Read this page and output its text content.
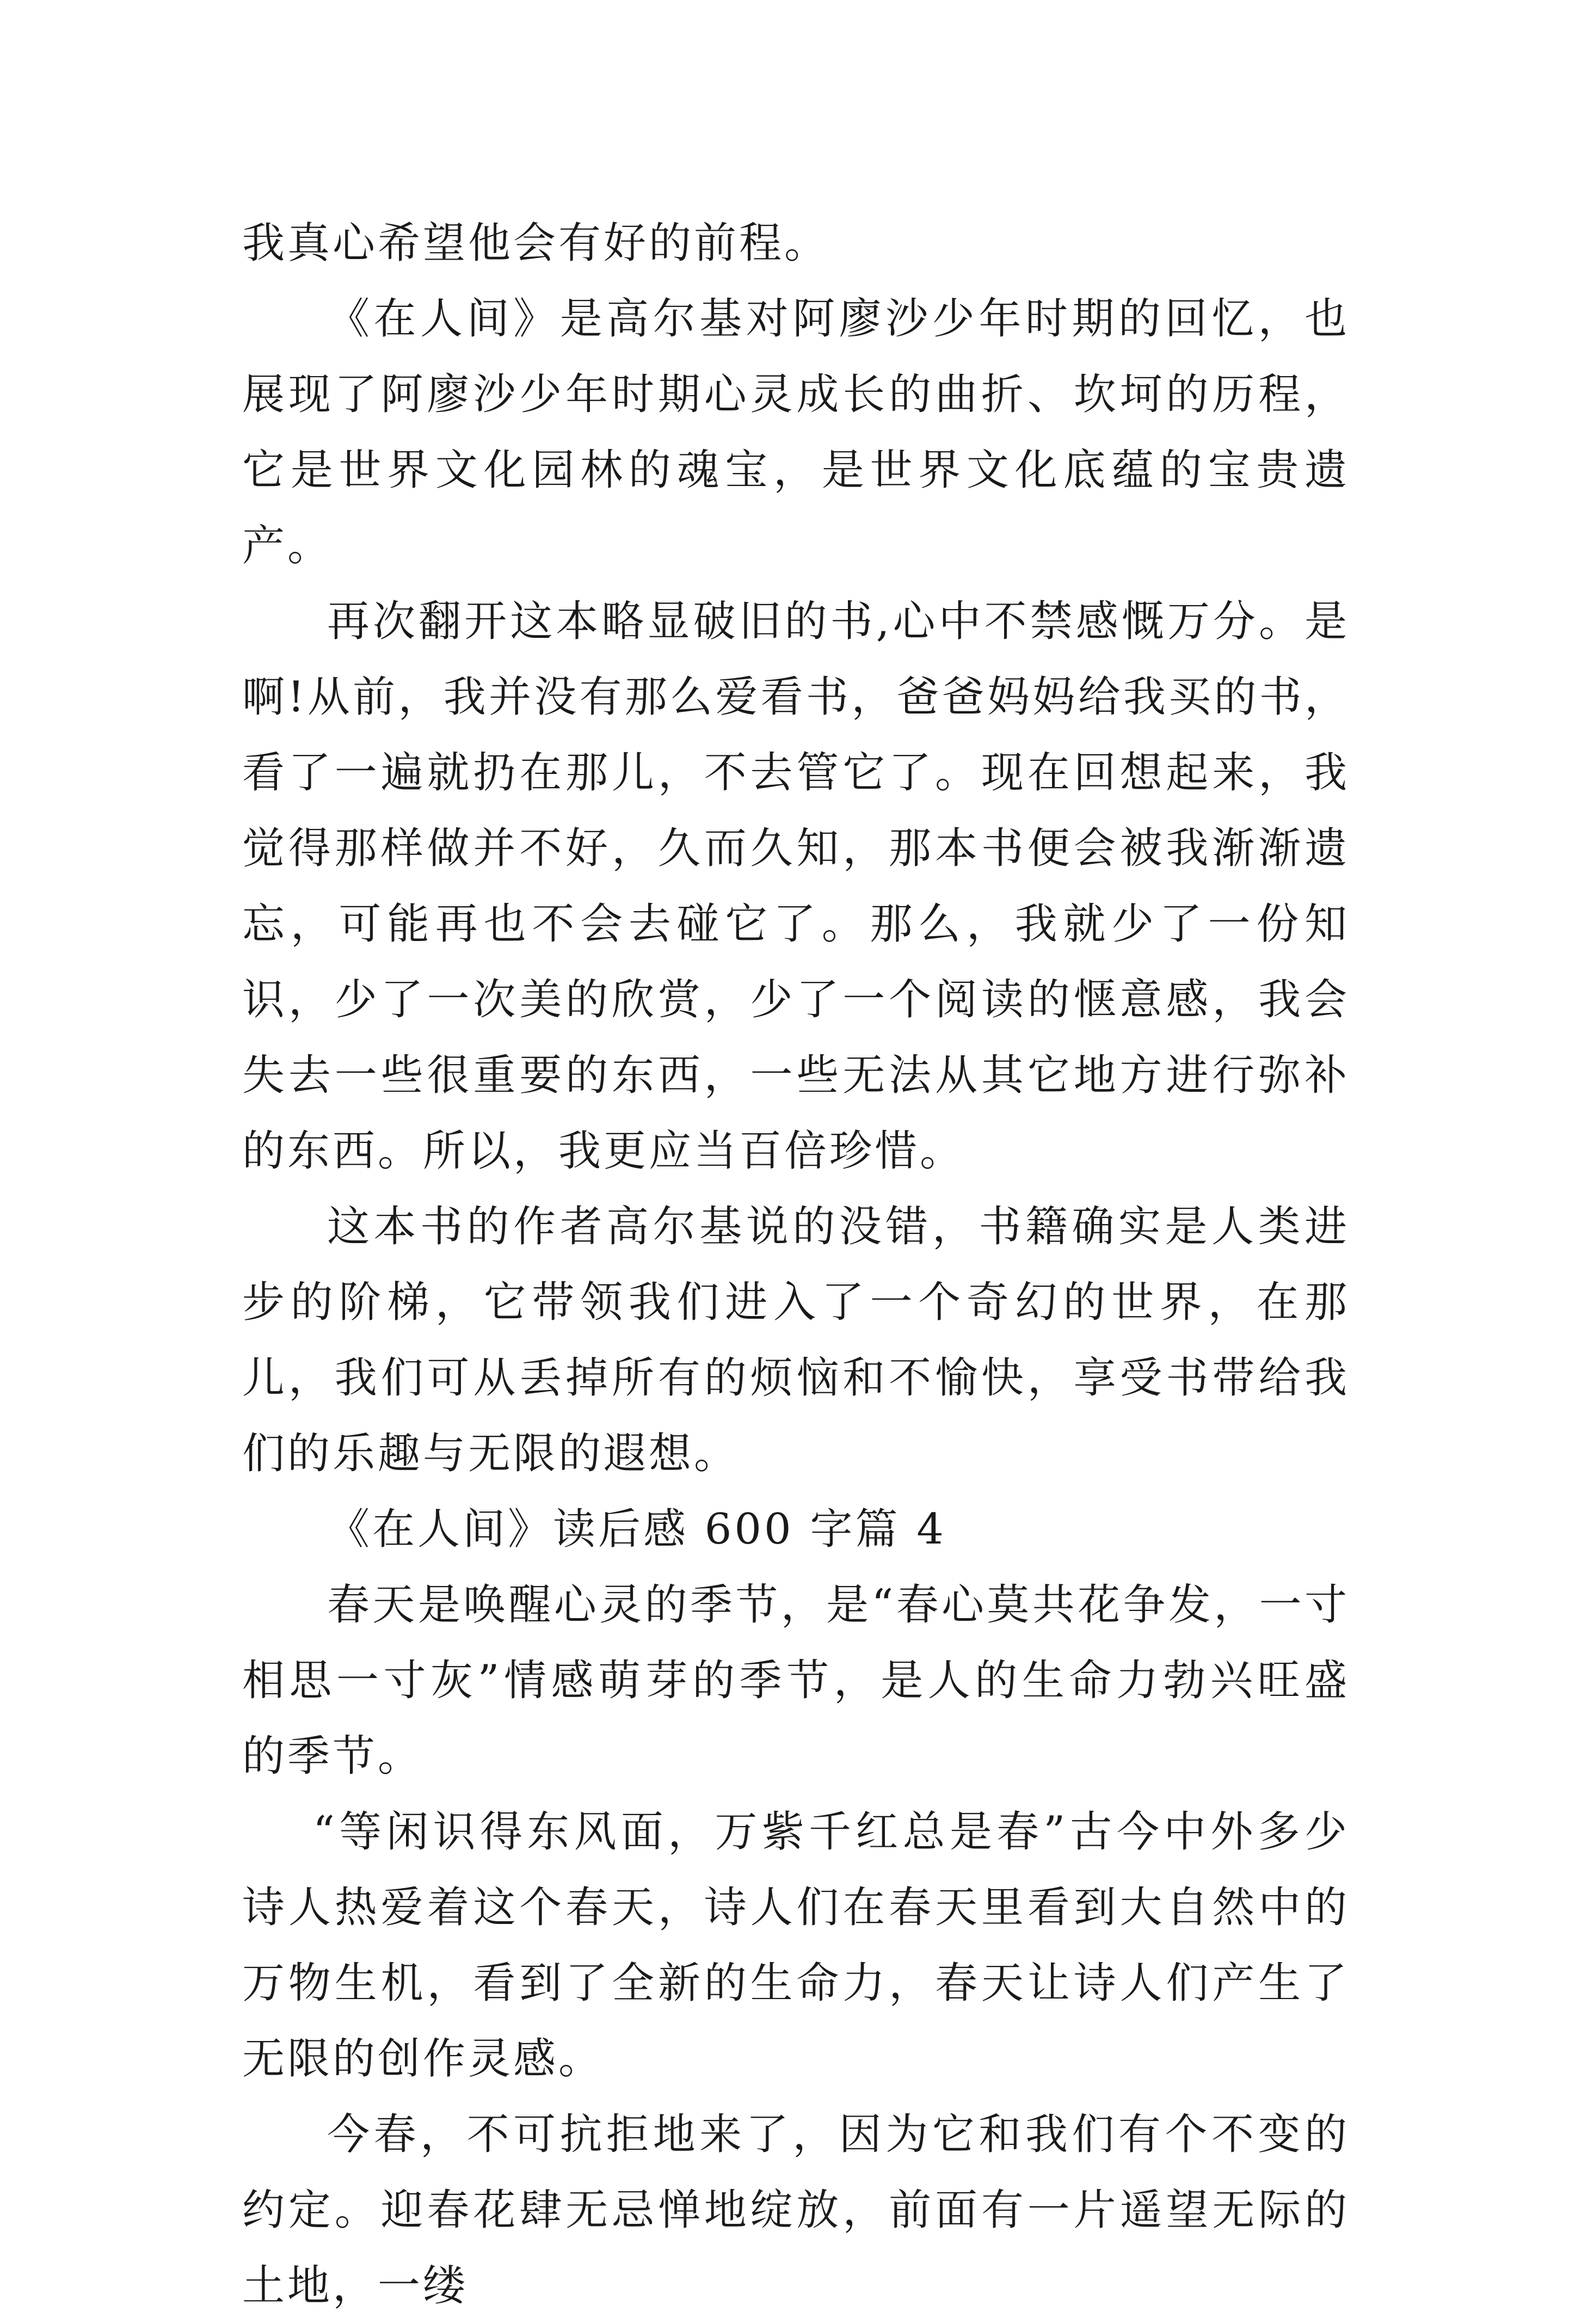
我真心希望他会有好的前程。

《在人间》是高尔基对阿廖沙少年时期的回忆，也展现了阿廖沙少年时期心灵成长的曲折、坎坷的历程，它是世界文化园林的魂宝，是世界文化底蕴的宝贵遗产。

再次翻开这本略显破旧的书,心中不禁感慨万分。是啊!从前，我并没有那么爱看书，爸爸妈妈给我买的书，看了一遍就扔在那儿，不去管它了。现在回想起来，我觉得那样做并不好，久而久知，那本书便会被我渐渐遗忘，可能再也不会去碰它了。那么，我就少了一份知识，少了一次美的欣赏，少了一个阅读的惬意感，我会失去一些很重要的东西，一些无法从其它地方进行弥补的东西。所以，我更应当百倍珍惜。

这本书的作者高尔基说的没错，书籍确实是人类进步的阶梯，它带领我们进入了一个奇幻的世界，在那儿，我们可从丢掉所有的烦恼和不愉快，享受书带给我们的乐趣与无限的遐想。

《在人间》读后感 600 字篇 4

春天是唤醒心灵的季节，是“春心莫共花争发，一寸相思一寸灰”情感萌芽的季节，是人的生命力勃兴旺盛的季节。

“等闲识得东风面，万紫千红总是春”古今中外多少诗人热爱着这个春天，诗人们在春天里看到大自然中的万物生机，看到了全新的生命力，春天让诗人们产生了无限的创作灵感。

今春，不可抗拒地来了，因为它和我们有个不变的约定。迎春花肆无忌惮地绽放，前面有一片遥望无际的土地，一缕
